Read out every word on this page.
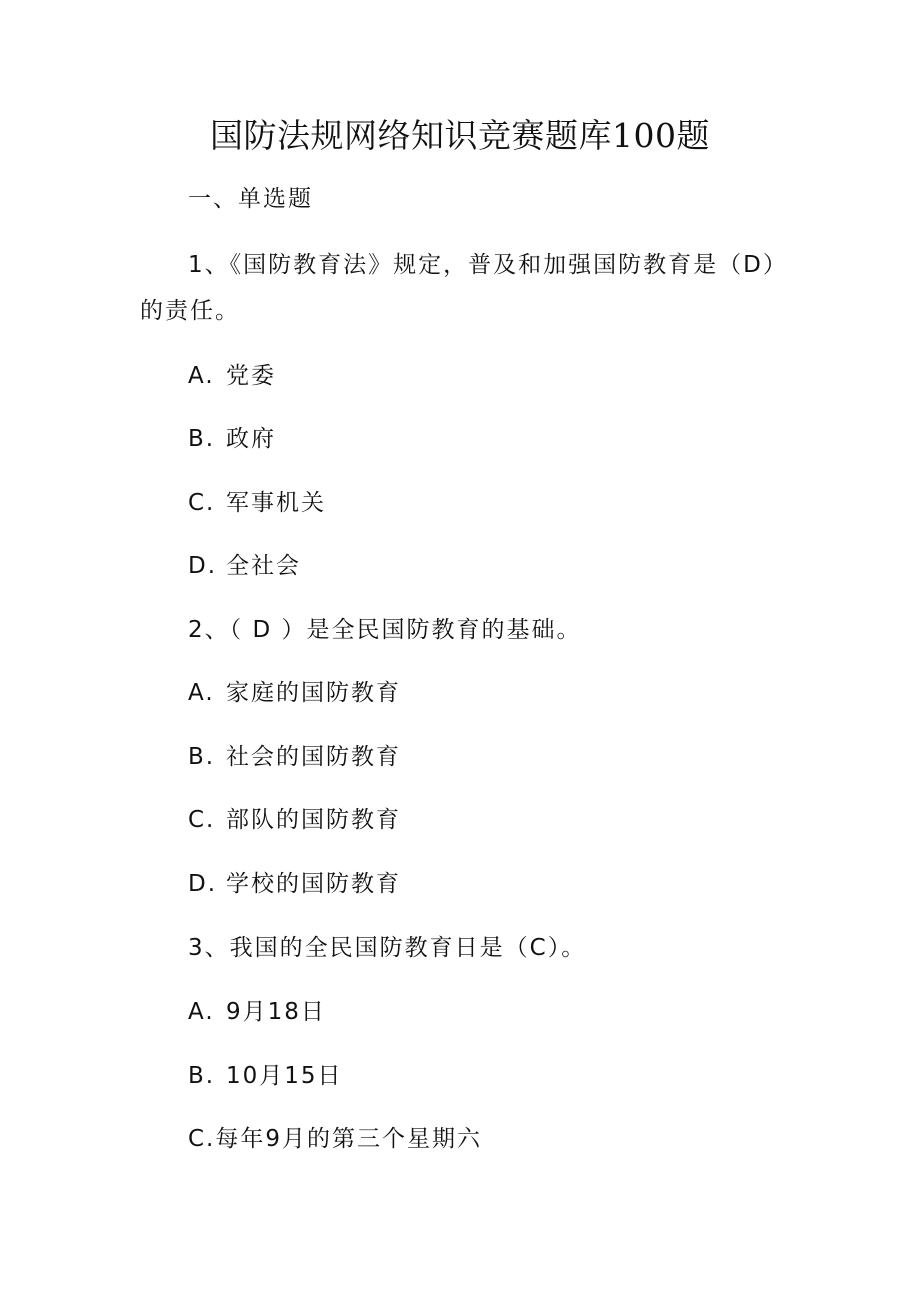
国防法规网络知识竞赛题库100题

一、单选题

1、《国防教育法》规定，普及和加强国防教育是（D）

的责任。

A. 党委

B. 政府

C. 军事机关

D. 全社会

2、（ D ）是全民国防教育的基础。

A. 家庭的国防教育

B. 社会的国防教育

C. 部队的国防教育

D. 学校的国防教育

3、我国的全民国防教育日是（C）。

A. 9月18日

B. 10月15日

C.每年9月的第三个星期六
